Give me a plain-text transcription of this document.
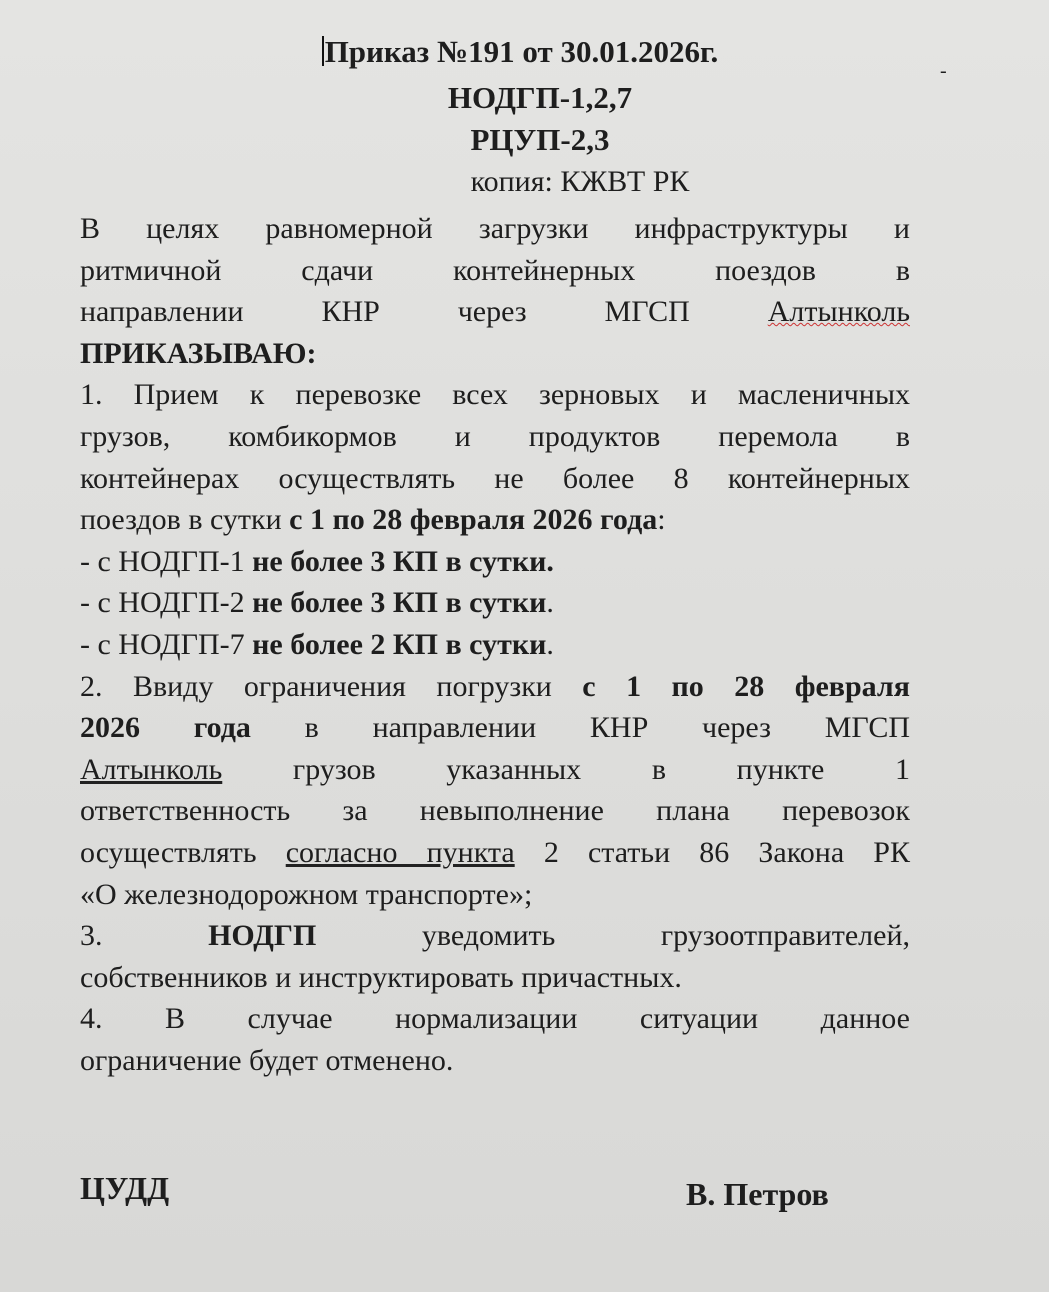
Приказ №191 от 30.01.2026г.
-
НОДГП-1,2,7
РЦУП-2,3
копия: КЖВТ РК
В целях равномерной загрузки инфраструктуры и
ритмичной сдачи контейнерных поездов в
направлении КНР через МГСП Алтынколь
ПРИКАЗЫВАЮ:
1. Прием к перевозке всех зерновых и масленичных
грузов, комбикормов и продуктов перемола в
контейнерах осуществлять не более 8 контейнерных
поездов в сутки с 1 по 28 февраля 2026 года:
- с НОДГП-1 не более 3 КП в сутки.
- с НОДГП-2 не более 3 КП в сутки.
- с НОДГП-7 не более 2 КП в сутки.
2. Ввиду ограничения погрузки с 1 по 28 февраля
2026 года в направлении КНР через МГСП
Алтынколь грузов указанных в пункте 1
ответственность за невыполнение плана перевозок
осуществлять согласно пункта 2 статьи 86 Закона РК
«О железнодорожном транспорте»;
3. НОДГП уведомить грузоотправителей,
собственников и инструктировать причастных.
4. В случае нормализации ситуации данное
ограничение будет отменено.
ЦУДД	В. Петров
